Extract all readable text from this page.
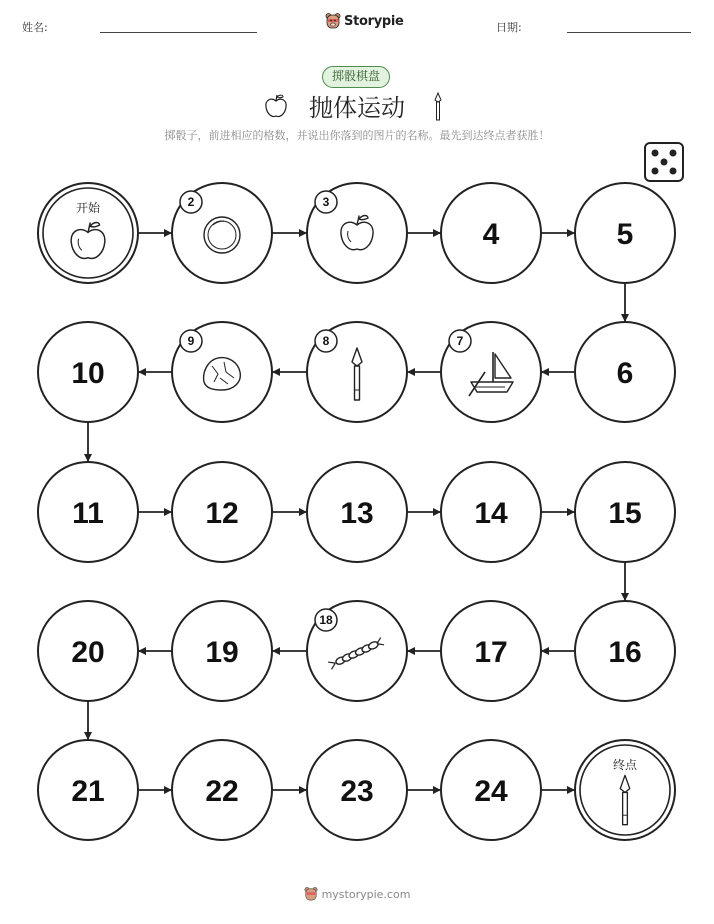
姓名:	Storypie	日期:
掷骰棋盘
抛体运动
掷骰子，前进相应的格数，并说出你落到的图片的名称。最先到达终点者获胜！
开始	2	3
4	5
6
7
8
9
10
11	12	13	14	15
16
17
18
19
20
21	22	23	24
终点
mystorypie.com
